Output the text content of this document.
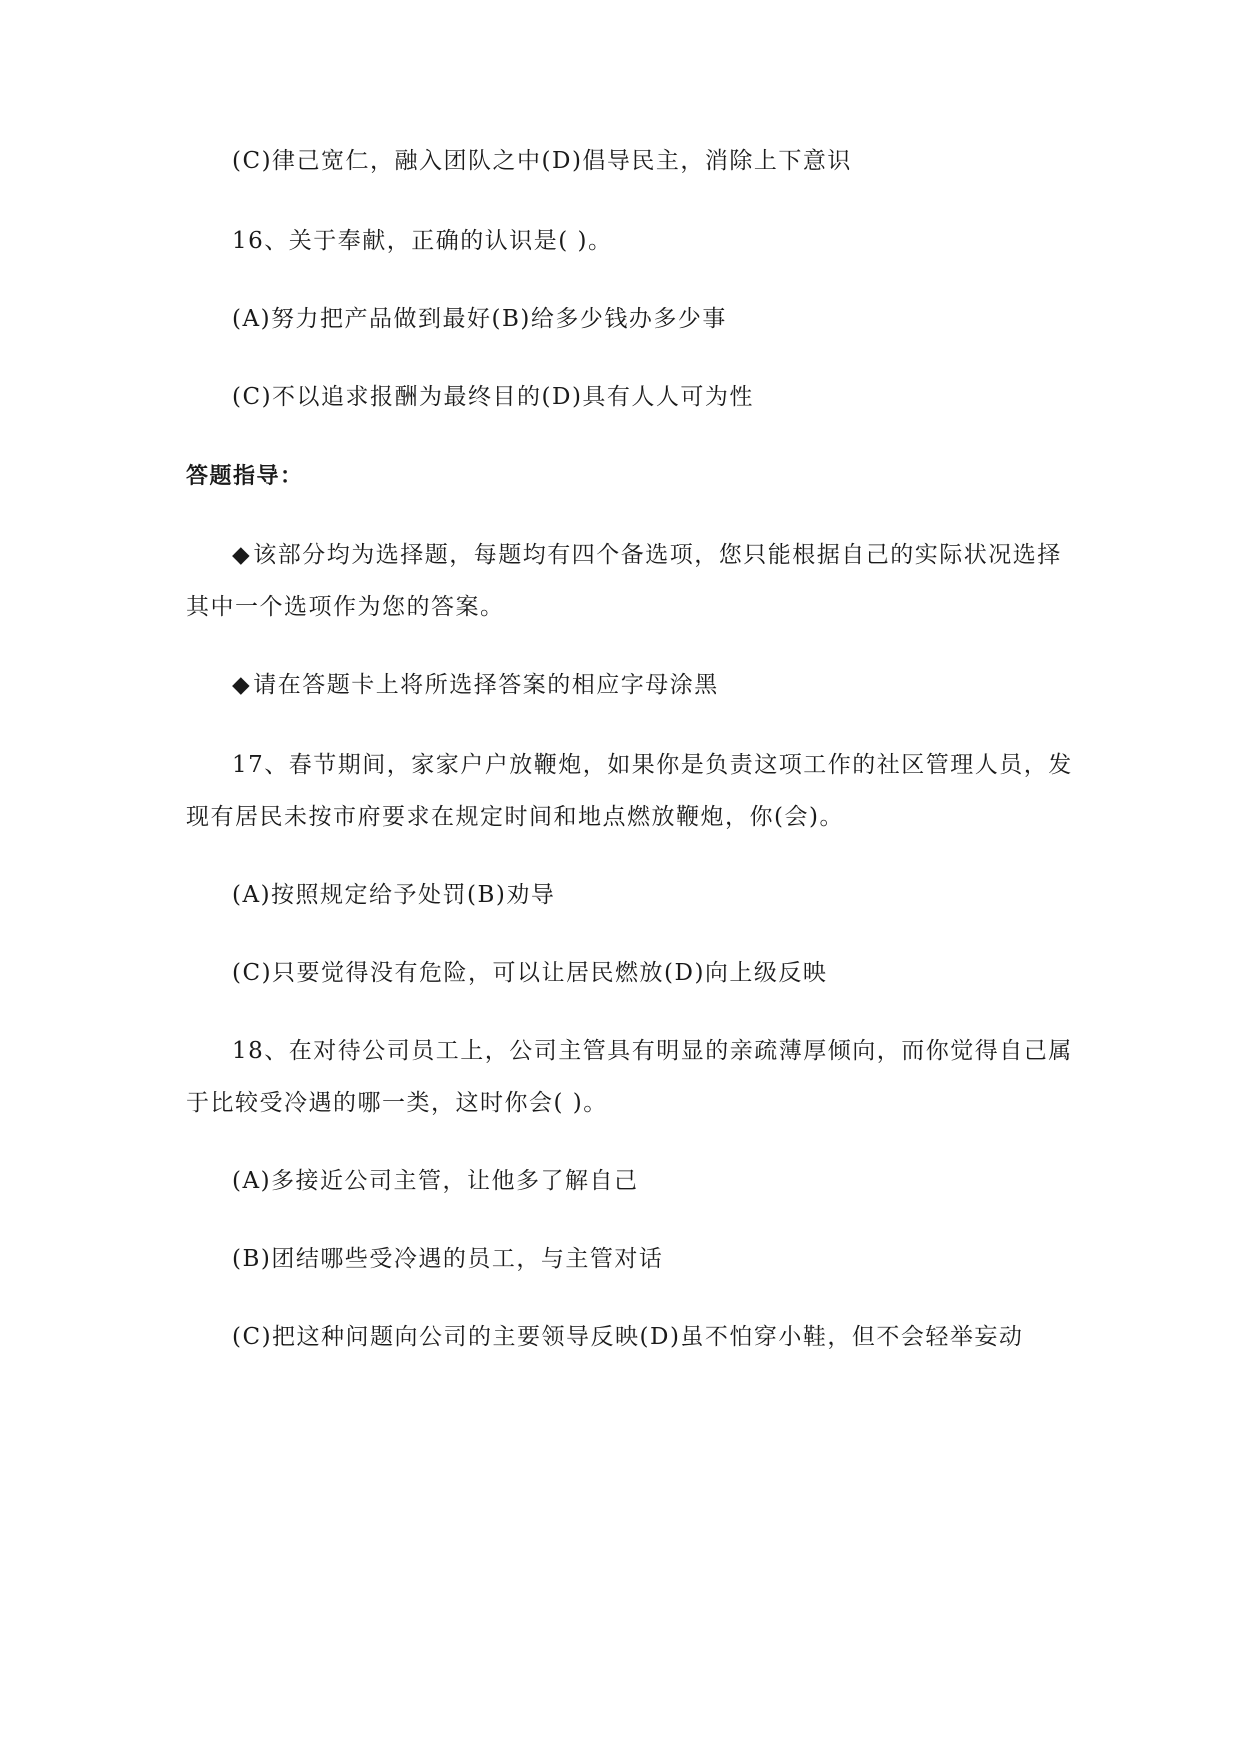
(C)律己宽仁，融入团队之中(D)倡导民主，消除上下意识
16、关于奉献，正确的认识是( )。
(A)努力把产品做到最好(B)给多少钱办多少事
(C)不以追求报酬为最终目的(D)具有人人可为性
答题指导：
◆该部分均为选择题，每题均有四个备选项，您只能根据自己的实际状况选择
其中一个选项作为您的答案。
◆请在答题卡上将所选择答案的相应字母涂黑
17、春节期间，家家户户放鞭炮，如果你是负责这项工作的社区管理人员，发
现有居民未按市府要求在规定时间和地点燃放鞭炮，你(会)。
(A)按照规定给予处罚(B)劝导
(C)只要觉得没有危险，可以让居民燃放(D)向上级反映
18、在对待公司员工上，公司主管具有明显的亲疏薄厚倾向，而你觉得自己属
于比较受冷遇的哪一类，这时你会( )。
(A)多接近公司主管，让他多了解自己
(B)团结哪些受冷遇的员工，与主管对话
(C)把这种问题向公司的主要领导反映(D)虽不怕穿小鞋，但不会轻举妄动
